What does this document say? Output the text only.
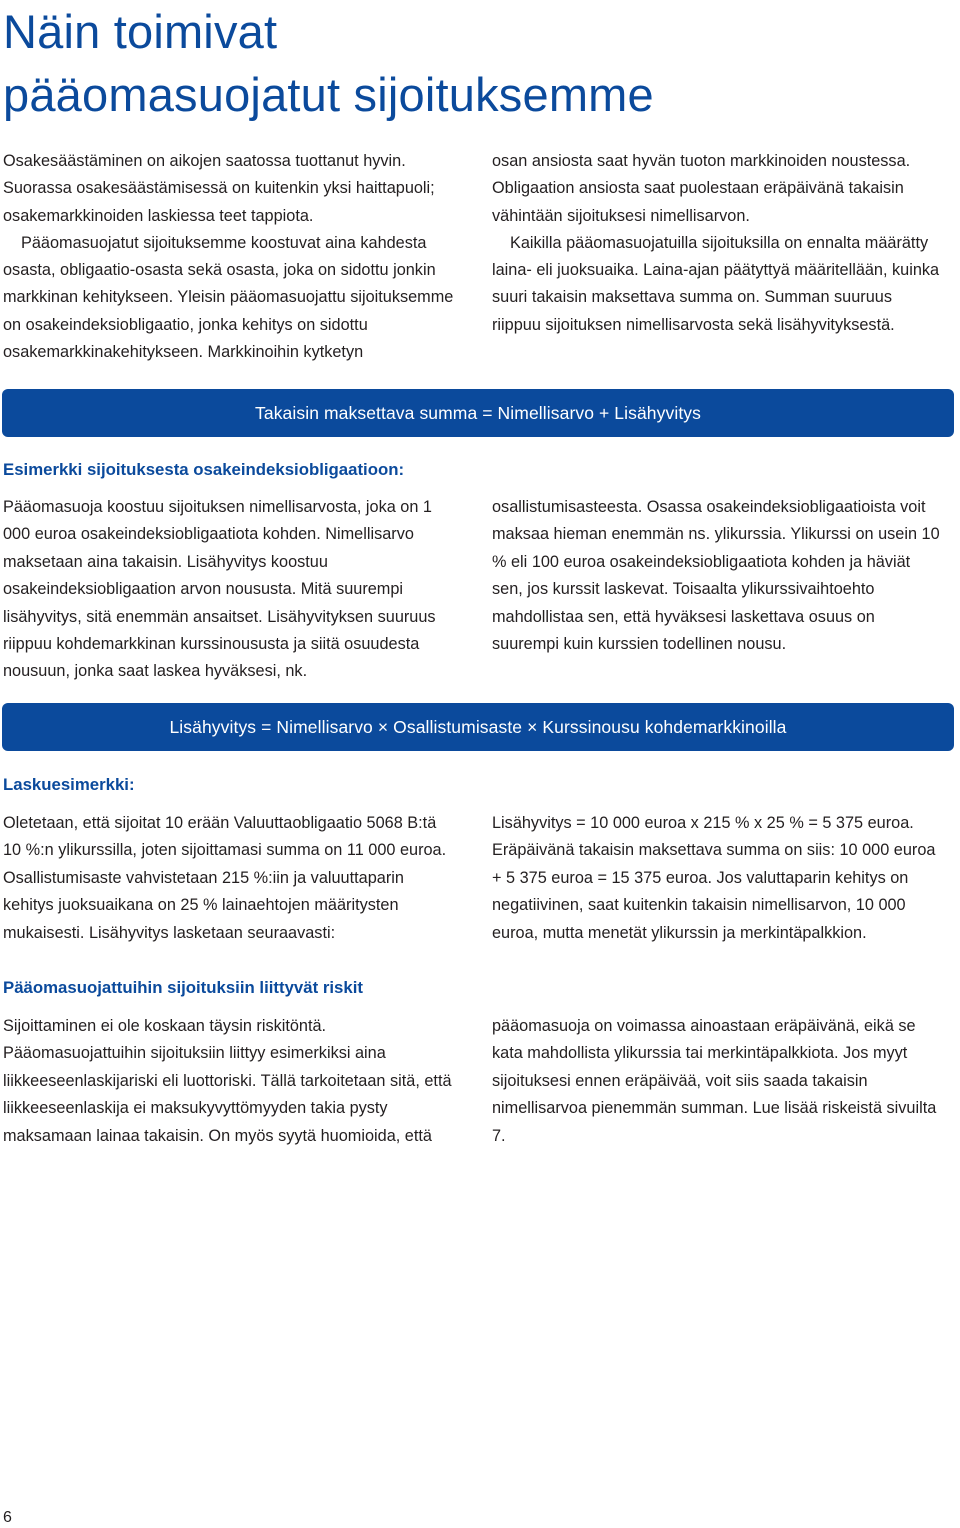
Näin toimivat
pääomasuojatut sijoituksemme

Osakesäästäminen on aikojen saatossa tuottanut hyvin. Suorassa osakesäästämisessä on kuitenkin yksi haittapuoli; osakemarkkinoiden laskiessa teet tappiota.

Pääomasuojatut sijoituksemme koostuvat aina kahdesta osasta, obligaatio-osasta sekä osasta, joka on sidottu jonkin markkinan kehitykseen. Yleisin pääomasuojattu sijoituksemme on osakeindeksiobligaatio, jonka kehitys on sidottu osakemarkkinakehitykseen. Markkinoihin kytketyn

osan ansiosta saat hyvän tuoton markkinoiden noustessa. Obligaation ansiosta saat puolestaan eräpäivänä takaisin vähintään sijoituksesi nimellisarvon.

Kaikilla pääomasuojatuilla sijoituksilla on ennalta määrätty laina- eli juoksuaika. Laina-ajan päätyttyä määritellään, kuinka suuri takaisin maksettava summa on. Summan suuruus riippuu sijoituksen nimellisarvosta sekä lisähyvityksestä.

Takaisin maksettava summa = Nimellisarvo + Lisähyvitys
Esimerkki sijoituksesta osakeindeksiobligaatioon:

Pääomasuoja koostuu sijoituksen nimellisarvosta, joka on 1 000 euroa osakeindeksiobligaatiota kohden. Nimellisarvo maksetaan aina takaisin. Lisähyvitys koostuu osakeindeksiobligaation arvon noususta. Mitä suurempi lisähyvitys, sitä enemmän ansaitset. Lisähyvityksen suuruus riippuu kohdemarkkinan kurssinoususta ja siitä osuudesta nousuun, jonka saat laskea hyväksesi, nk.

osallistumisasteesta. Osassa osakeindeksiobligaatioista voit maksaa hieman enemmän ns. ylikurssia. Ylikurssi on usein 10 % eli 100 euroa osakeindeksiobligaatiota kohden ja häviät sen, jos kurssit laskevat. Toisaalta ylikurssivaihtoehto mahdollistaa sen, että hyväksesi laskettava osuus on suurempi kuin kurssien todellinen nousu.

Lisähyvitys = Nimellisarvo × Osallistumisaste × Kurssinousu kohdemarkkinoilla
Laskuesimerkki:

Oletetaan, että sijoitat 10 erään Valuuttaobligaatio 5068 B:tä 10 %:n ylikurssilla, joten sijoittamasi summa on 11 000 euroa. Osallistumisaste vahvistetaan 215 %:iin ja valuuttaparin kehitys juoksuaikana on 25 % lainaehtojen määritysten mukaisesti. Lisähyvitys lasketaan seuraavasti:

Lisähyvitys = 10 000 euroa x 215 % x 25 % = 5 375 euroa. Eräpäivänä takaisin maksettava summa on siis: 10 000 euroa + 5 375 euroa = 15 375 euroa. Jos valuttaparin kehitys on negatiivinen, saat kuitenkin takaisin nimellisarvon, 10 000 euroa, mutta menetät ylikurssin ja merkintäpalkkion.

Pääomasuojattuihin sijoituksiin liittyvät riskit

Sijoittaminen ei ole koskaan täysin riskitöntä. Pääomasuojattuihin sijoituksiin liittyy esimerkiksi aina liikkeeseenlaskijariski eli luottoriski. Tällä tarkoitetaan sitä, että liikkeeseenlaskija ei maksukyvyttömyyden takia pysty maksamaan lainaa takaisin. On myös syytä huomioida, että

pääomasuoja on voimassa ainoastaan eräpäivänä, eikä se kata mahdollista ylikurssia tai merkintäpalkkiota. Jos myyt sijoituksesi ennen eräpäivää, voit siis saada takaisin nimellisarvoa pienemmän summan. Lue lisää riskeistä sivuilta 7.

6
